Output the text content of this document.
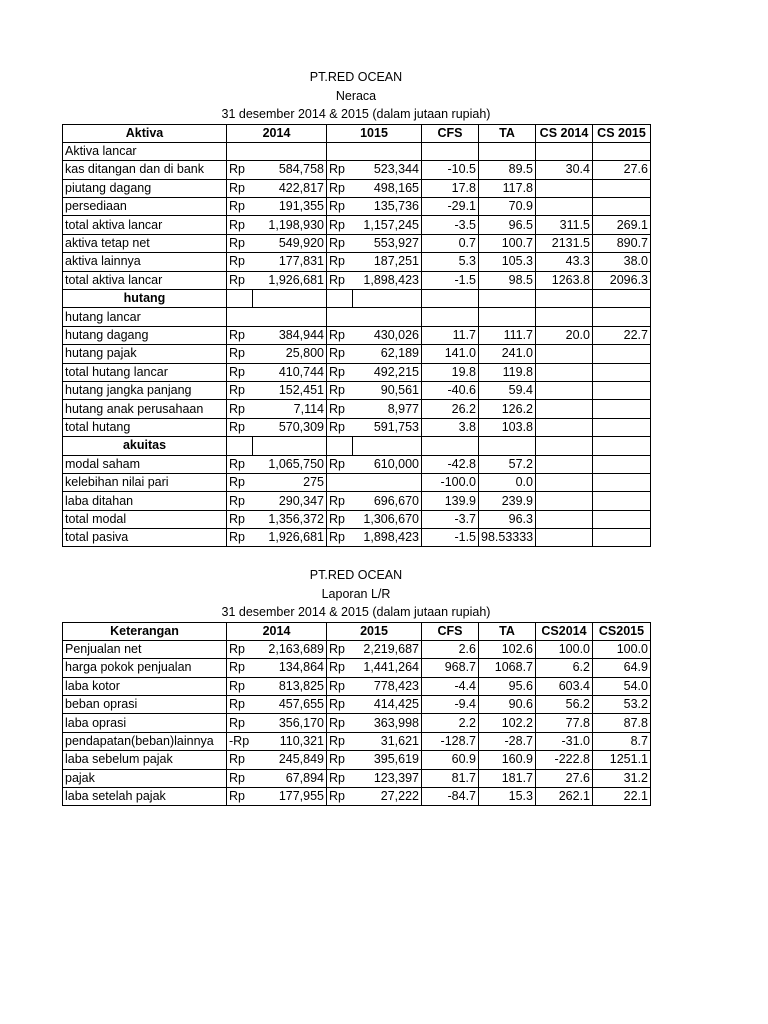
PT.RED OCEAN
Neraca
31 desember 2014 & 2015 (dalam jutaan rupiah)
Aktiva	2014		1015		CFS	TA	CS 2014	CS 2015
Aktiva lancar								
kas ditangan dan di bank	Rp	584,758	Rp	523,344	-10.5	89.5	30.4	27.6
piutang dagang	Rp	422,817	Rp	498,165	17.8	117.8		
persediaan	Rp	191,355	Rp	135,736	-29.1	70.9		
total aktiva lancar	Rp	1,198,930	Rp	1,157,245	-3.5	96.5	311.5	269.1
aktiva tetap net	Rp	549,920	Rp	553,927	0.7	100.7	2131.5	890.7
aktiva lainnya	Rp	177,831	Rp	187,251	5.3	105.3	43.3	38.0
total aktiva lancar	Rp	1,926,681	Rp	1,898,423	-1.5	98.5	1263.8	2096.3
hutang								
hutang lancar								
hutang dagang	Rp	384,944	Rp	430,026	11.7	111.7	20.0	22.7
hutang pajak	Rp	25,800	Rp	62,189	141.0	241.0		
total hutang lancar	Rp	410,744	Rp	492,215	19.8	119.8		
hutang jangka panjang	Rp	152,451	Rp	90,561	-40.6	59.4		
hutang anak perusahaan	Rp	7,114	Rp	8,977	26.2	126.2		
total hutang	Rp	570,309	Rp	591,753	3.8	103.8		
akuitas								
modal saham	Rp	1,065,750	Rp	610,000	-42.8	57.2		
kelebihan nilai pari	Rp	275			-100.0	0.0		
laba ditahan	Rp	290,347	Rp	696,670	139.9	239.9		
total modal	Rp	1,356,372	Rp	1,306,670	-3.7	96.3		
total pasiva	Rp	1,926,681	Rp	1,898,423	-1.5	98.53333		
PT.RED OCEAN
Laporan L/R
31 desember 2014 & 2015 (dalam jutaan rupiah)
Keterangan	2014		2015		CFS	TA	CS2014	CS2015
Penjualan net	Rp	2,163,689	Rp	2,219,687	2.6	102.6	100.0	100.0
harga pokok penjualan	Rp	134,864	Rp	1,441,264	968.7	1068.7	6.2	64.9
laba kotor	Rp	813,825	Rp	778,423	-4.4	95.6	603.4	54.0
beban oprasi	Rp	457,655	Rp	414,425	-9.4	90.6	56.2	53.2
laba oprasi	Rp	356,170	Rp	363,998	2.2	102.2	77.8	87.8
pendapatan(beban)lainnya	-Rp	110,321	Rp	31,621	-128.7	-28.7	-31.0	8.7
laba sebelum pajak	Rp	245,849	Rp	395,619	60.9	160.9	-222.8	1251.1
pajak	Rp	67,894	Rp	123,397	81.7	181.7	27.6	31.2
laba setelah pajak	Rp	177,955	Rp	27,222	-84.7	15.3	262.1	22.1
